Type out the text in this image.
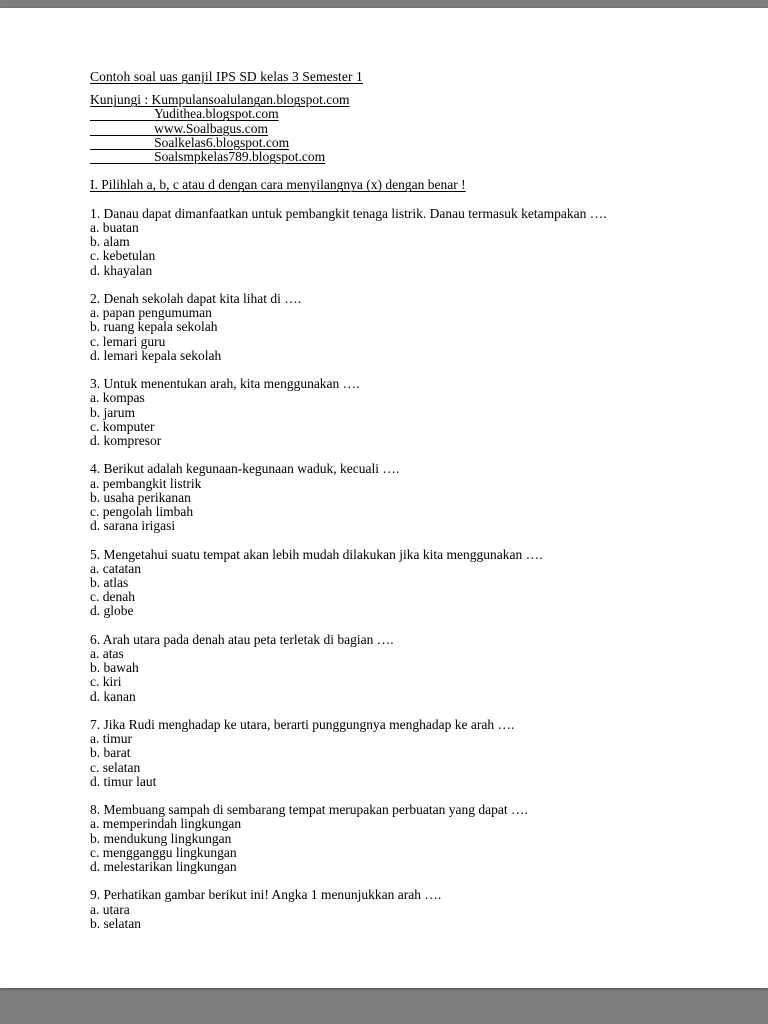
Contoh soal uas ganjil IPS SD kelas 3 Semester 1
Kunjungi : Kumpulansoalulangan.blogspot.com
Yudithea.blogspot.com
www.Soalbagus.com
Soalkelas6.blogspot.com
Soalsmpkelas789.blogspot.com
I. Pilihlah a, b, c atau d dengan cara menyilangnya (x) dengan benar !
1. Danau dapat dimanfaatkan untuk pembangkit tenaga listrik. Danau termasuk ketampakan ….
a. buatan
b. alam
c. kebetulan
d. khayalan
2. Denah sekolah dapat kita lihat di ….
a. papan pengumuman
b. ruang kepala sekolah
c. lemari guru
d. lemari kepala sekolah
3. Untuk menentukan arah, kita menggunakan ….
a. kompas
b. jarum
c. komputer
d. kompresor
4. Berikut adalah kegunaan-kegunaan waduk, kecuali ….
a. pembangkit listrik
b. usaha perikanan
c. pengolah limbah
d. sarana irigasi
5. Mengetahui suatu tempat akan lebih mudah dilakukan jika kita menggunakan ….
a. catatan
b. atlas
c. denah
d. globe
6. Arah utara pada denah atau peta terletak di bagian ….
a. atas
b. bawah
c. kiri
d. kanan
7. Jika Rudi menghadap ke utara, berarti punggungnya menghadap ke arah ….
a. timur
b. barat
c. selatan
d. timur laut
8. Membuang sampah di sembarang tempat merupakan perbuatan yang dapat ….
a. memperindah lingkungan
b. mendukung lingkungan
c. mengganggu lingkungan
d. melestarikan lingkungan
9. Perhatikan gambar berikut ini! Angka 1 menunjukkan arah ….
a. utara
b. selatan
